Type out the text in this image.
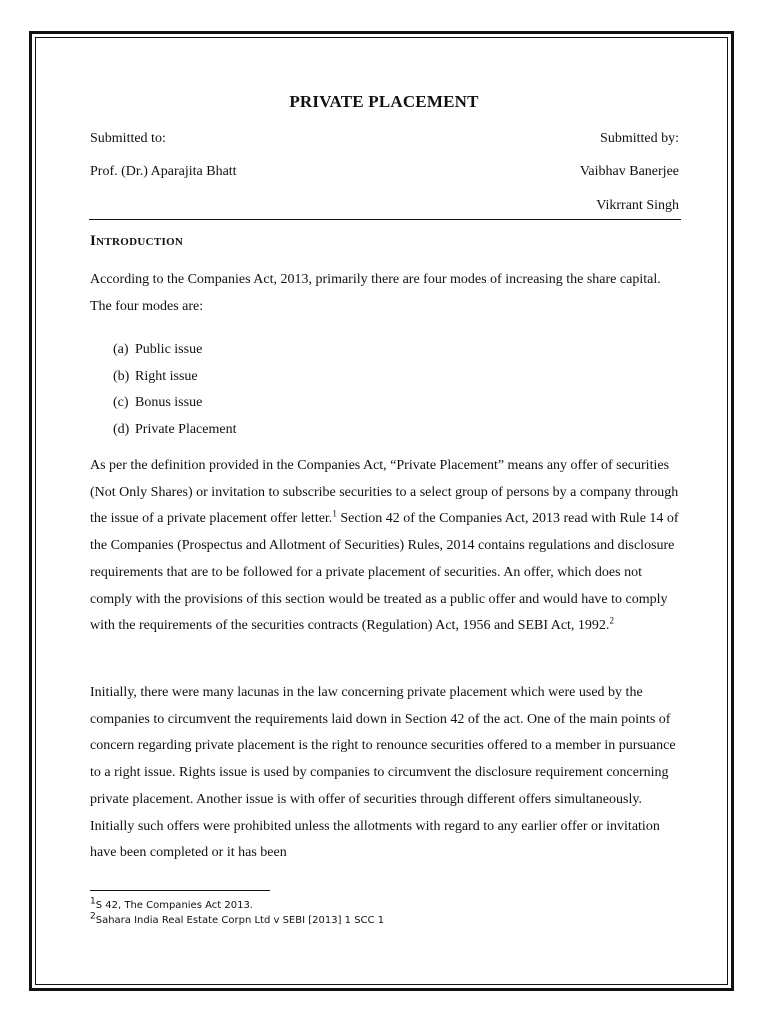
PRIVATE PLACEMENT
Submitted to:	Submitted by:
Prof. (Dr.) Aparajita Bhatt	Vaibhav Banerjee
Vikrrant Singh
Introduction

According to the Companies Act, 2013, primarily there are four modes of increasing the share capital. The four modes are:

(a) Public issue
(b) Right issue
(c) Bonus issue
(d) Private Placement

As per the definition provided in the Companies Act, “Private Placement” means any offer of securities (Not Only Shares) or invitation to subscribe securities to a select group of persons by a company through the issue of a private placement offer letter.$^1$ Section 42 of the Companies Act, 2013 read with Rule 14 of the Companies (Prospectus and Allotment of Securities) Rules, 2014 contains regulations and disclosure requirements that are to be followed for a private placement of securities. An offer, which does not comply with the provisions of this section would be treated as a public offer and would have to comply with the requirements of the securities contracts (Regulation) Act, 1956 and SEBI Act, 1992.$^2$

Initially, there were many lacunas in the law concerning private placement which were used by the companies to circumvent the requirements laid down in Section 42 of the act. One of the main points of concern regarding private placement is the right to renounce securities offered to a member in pursuance to a right issue. Rights issue is used by companies to circumvent the disclosure requirement concerning private placement. Another issue is with offer of securities through different offers simultaneously. Initially such offers were prohibited unless the allotments with regard to any earlier offer or invitation have been completed or it has been

$^1$S 42, The Companies Act 2013.
$^2$Sahara India Real Estate Corpn Ltd v SEBI [2013] 1 SCC 1
